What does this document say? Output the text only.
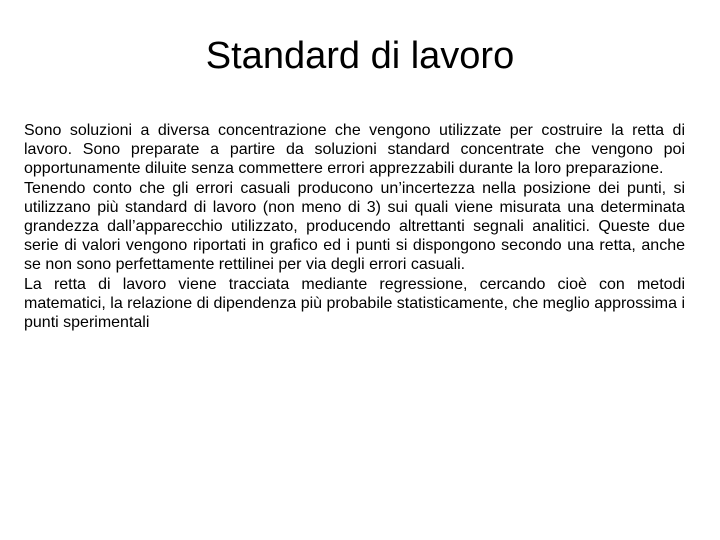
Standard di lavoro

Sono soluzioni a diversa concentrazione che vengono utilizzate per costruire la retta di lavoro. Sono preparate a partire da soluzioni standard concentrate che vengono poi opportunamente diluite senza commettere errori apprezzabili durante la loro preparazione.

Tenendo conto che gli errori casuali producono un’incertezza nella posizione dei punti, si utilizzano più standard di lavoro (non meno di 3) sui quali viene misurata una determinata grandezza dall’apparecchio utilizzato, producendo altrettanti segnali analitici. Queste due serie di valori vengono riportati in grafico ed i punti si dispongono secondo una retta, anche se non sono perfettamente rettilinei per via degli errori casuali.

La retta di lavoro viene tracciata mediante regressione, cercando cioè con metodi matematici, la relazione di dipendenza più probabile statisticamente, che meglio approssima i punti sperimentali
